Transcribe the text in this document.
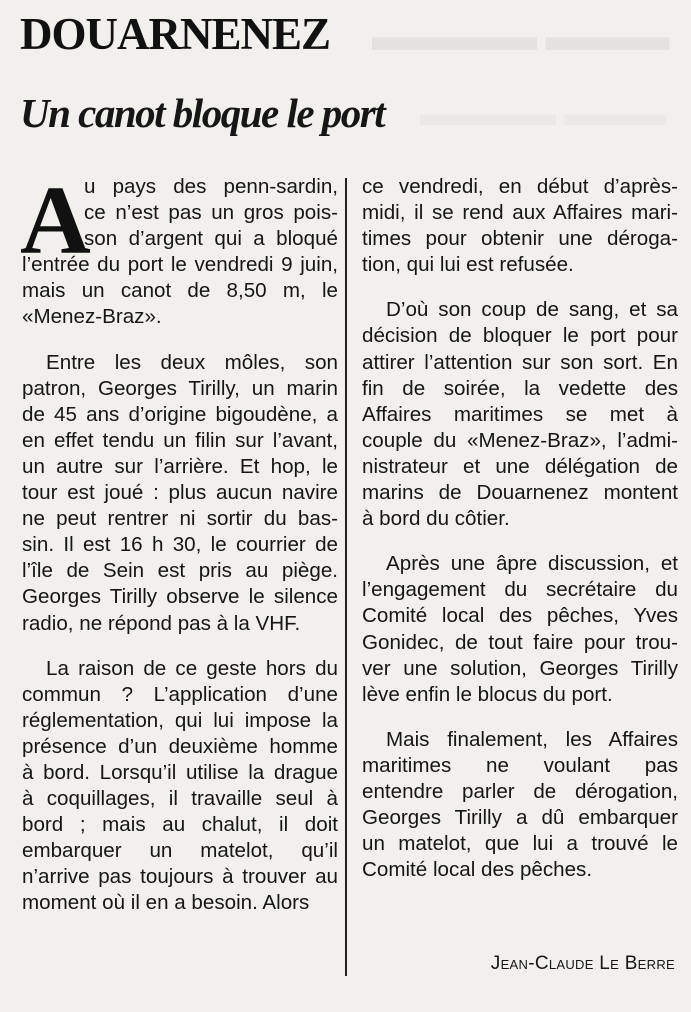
▬▬▬▬ ▬▬▬
▬▬▬▬ ▬▬▬
DOUARNENEZ
Un canot bloque le port
A
u pays des penn-sardin,
ce n’est pas un gros pois-
son d’argent qui a bloqué
l’entrée du port le vendredi 9 juin,
mais un canot de 8,50 m, le
«Menez-Braz».
Entre les deux môles, son
patron, Georges Tirilly, un marin
de 45 ans d’origine bigoudène, a
en effet tendu un filin sur l’avant,
un autre sur l’arrière. Et hop, le
tour est joué : plus aucun navire
ne peut rentrer ni sortir du bas-
sin. Il est 16 h 30, le courrier de
l’île de Sein est pris au piège.
Georges Tirilly observe le silence
radio, ne répond pas à la VHF.
La raison de ce geste hors du
commun ? L’application d’une
réglementation, qui lui impose la
présence d’un deuxième homme
à bord. Lorsqu’il utilise la drague
à coquillages, il travaille seul à
bord ; mais au chalut, il doit
embarquer un matelot, qu’il
n’arrive pas toujours à trouver au
moment où il en a besoin. Alors
ce vendredi, en début d’après-
midi, il se rend aux Affaires mari-
times pour obtenir une déroga-
tion, qui lui est refusée.
D’où son coup de sang, et sa
décision de bloquer le port pour
attirer l’attention sur son sort. En
fin de soirée, la vedette des
Affaires maritimes se met à
couple du «Menez-Braz», l’admi-
nistrateur et une délégation de
marins de Douarnenez montent
à bord du côtier.
Après une âpre discussion, et
l’engagement du secrétaire du
Comité local des pêches, Yves
Gonidec, de tout faire pour trou-
ver une solution, Georges Tirilly
lève enfin le blocus du port.
Mais finalement, les Affaires
maritimes ne voulant pas
entendre parler de dérogation,
Georges Tirilly a dû embarquer
un matelot, que lui a trouvé le
Comité local des pêches.
Jean-Claude Le Berre
